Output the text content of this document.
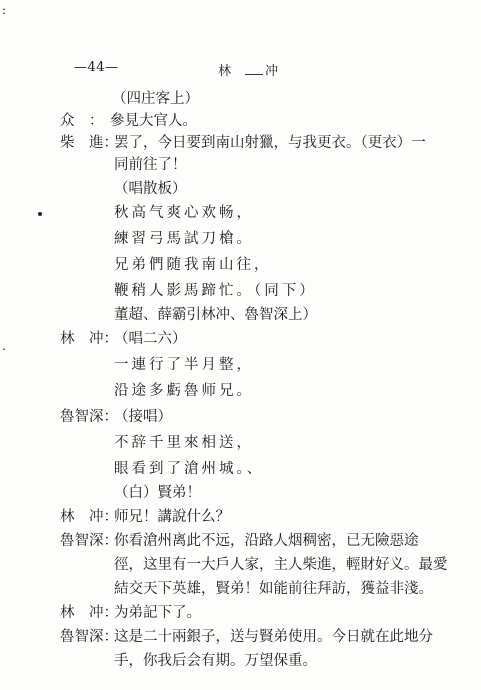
:
.
—44—	林 冲
（四庄客上）
众　： 參見大官人。
柴　進：
罢了，今日要到南山射獵，与我更衣。（更衣）一
同前往了！
（唱散板）
秋高气爽心欢畅，
練習弓馬試刀槍。
兄弟們随我南山往，
鞭稍人影馬蹄忙。（同下）
董超、薛霸引林冲、魯智深上）
林　冲：
（唱二六）
一連行了半月整，
沿途多虧魯师兄。
魯智深：
（接唱）
不辞千里來相送，
眼看到了滄州城。、
（白）賢弟！
林　冲：
师兄！講說什么？
魯智深：
你看滄州离此不远，沿路人烟稠密，已无險惡途
徑，这里有一大戶人家，主人柴進，輕財好义。最愛
結交天下英雄，賢弟！如能前往拜訪，獲益非淺。
林　冲：
为弟記下了。
魯智深：
这是二十兩銀子，送与賢弟使用。今日就在此地分
手，你我后会有期。万望保重。
